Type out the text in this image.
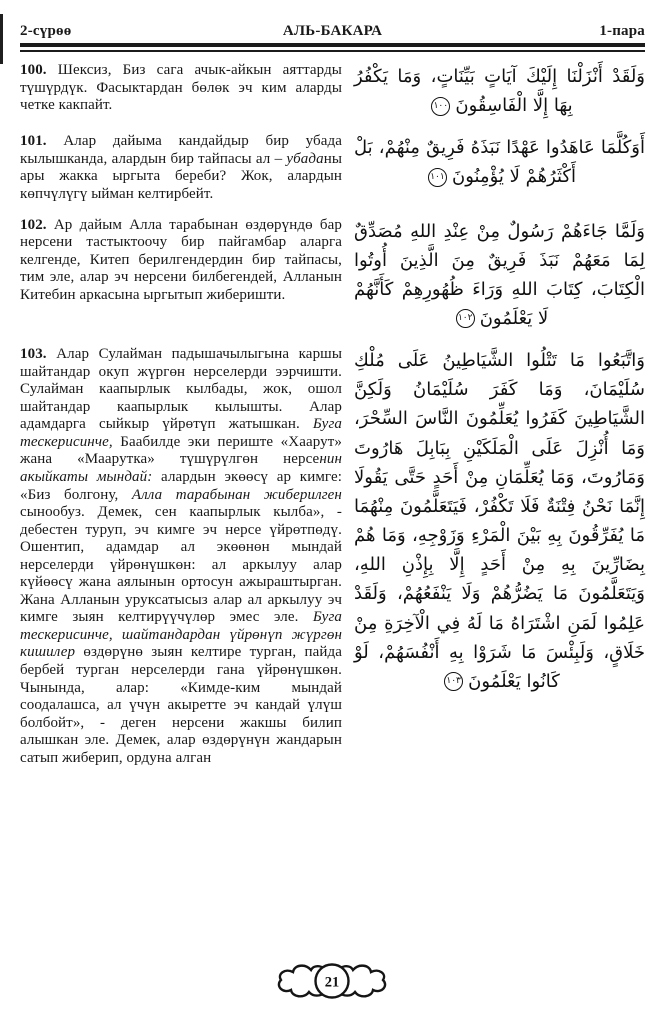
2-сүрөө	АЛЬ-БАКАРА	1-пара

100. Шексиз, Биз сага ачык-айкын аяттарды түшүрдүк. Фасыктардан бөлөк эч ким аларды четке какпайт.

وَلَقَدْ أَنْزَلْنَا إِلَيْكَ آيَاتٍ بَيِّنَاتٍ، وَمَا يَكْفُرُ بِهَا إِلَّا الْفَاسِقُونَ١٠٠

101. Алар дайыма кандайдыр бир убада кылышканда, алардын бир тайпасы ал – убаданы ары жакка ыргыта береби? Жок, алардын көпчүлүгү ыйман келтирбейт.

أَوَكُلَّمَا عَاهَدُوا عَهْدًا نَبَذَهُ فَرِيقٌ مِنْهُمْ، بَلْ أَكْثَرُهُمْ لَا يُؤْمِنُونَ١٠١

102. Ар дайым Алла тарабынан өздөрүндө бар нерсени тастыктоочу бир пайгамбар аларга келгенде, Китеп берилгендердин бир тайпасы, тим эле, алар эч нерсени билбегендей, Алланын Китебин аркасына ыргытып жиберишти.

وَلَمَّا جَاءَهُمْ رَسُولٌ مِنْ عِنْدِ اللهِ مُصَدِّقٌ لِمَا مَعَهُمْ نَبَذَ فَرِيقٌ مِنَ الَّذِينَ أُوتُوا الْكِتَابَ، كِتَابَ اللهِ وَرَاءَ ظُهُورِهِمْ كَأَنَّهُمْ لَا يَعْلَمُونَ١٠٢

103. Алар Сулайман падышачылыгына каршы шайтандар окуп жүргөн нерселерди ээрчишти. Сулайман каапырлык кылбады, жок, ошол шайтандар каапырлык кылышты. Алар адамдарга сыйкыр үйрөтүп жатышкан. Буга тескерисинче, Баабилде эки периште «Хаарут» жана «Маарутка» түшүрүлгөн нерсенин акыйкаты мындай: алардын экөөсү ар кимге: «Биз болгону, Алла тарабынан жиберилген сынообуз. Демек, сен каапырлык кылба», - дебестен туруп, эч кимге эч нерсе үйрөтпөдү. Ошентип, адамдар ал экөөнөн мындай нерселерди үйрөнүшкөн: ал аркылуу алар күйөөсү жана аялынын ортосун ажыраштырган. Жана Алланын уруксатысыз алар ал аркылуу эч кимге зыян келтирүүчүлөр эмес эле. Буга тескерисинче, шайтандардан үйрөнүп жүргөн кишилер өздөрүнө зыян келтире турган, пайда бербей турган нерселерди гана үйрөнүшкөн. Чынында, алар: «Кимде-ким мындай соодалашса, ал үчүн акыретте эч кандай үлүш болбойт», - деген нерсени жакшы билип алышкан эле. Демек, алар өздөрүнүн жандарын сатып жиберип, ордуна алган

وَاتَّبَعُوا مَا تَتْلُوا الشَّيَاطِينُ عَلَى مُلْكِ سُلَيْمَانَ، وَمَا كَفَرَ سُلَيْمَانُ وَلَكِنَّ الشَّيَاطِينَ كَفَرُوا يُعَلِّمُونَ النَّاسَ السِّحْرَ، وَمَا أُنْزِلَ عَلَى الْمَلَكَيْنِ بِبَابِلَ هَارُوتَ وَمَارُوتَ، وَمَا يُعَلِّمَانِ مِنْ أَحَدٍ حَتَّى يَقُولَا إِنَّمَا نَحْنُ فِتْنَةٌ فَلَا تَكْفُرْ، فَيَتَعَلَّمُونَ مِنْهُمَا مَا يُفَرِّقُونَ بِهِ بَيْنَ الْمَرْءِ وَزَوْجِهِ، وَمَا هُمْ بِضَارِّينَ بِهِ مِنْ أَحَدٍ إِلَّا بِإِذْنِ اللهِ، وَيَتَعَلَّمُونَ مَا يَضُرُّهُمْ وَلَا يَنْفَعُهُمْ، وَلَقَدْ عَلِمُوا لَمَنِ اشْتَرَاهُ مَا لَهُ فِي الْآخِرَةِ مِنْ خَلَاقٍ، وَلَبِئْسَ مَا شَرَوْا بِهِ أَنْفُسَهُمْ، لَوْ كَانُوا يَعْلَمُونَ١٠٣

21
